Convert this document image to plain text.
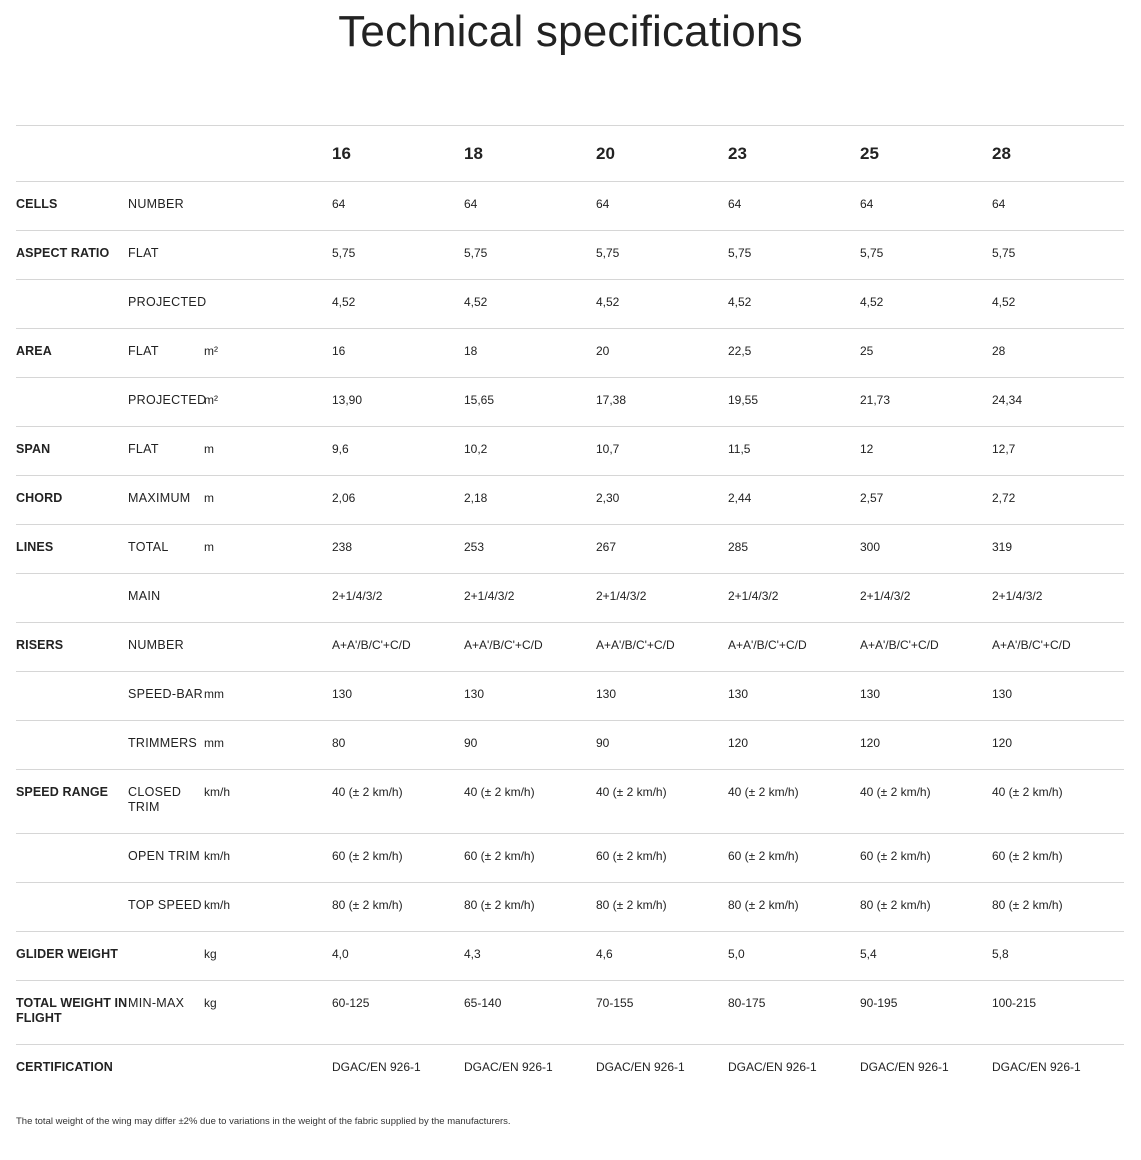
Technical specifications
			16	18	20	23	25	28
CELLS	NUMBER		64	64	64	64	64	64
ASPECT RATIO	FLAT		5,75	5,75	5,75	5,75	5,75	5,75
	PROJECTED		4,52	4,52	4,52	4,52	4,52	4,52
AREA	FLAT	m²	16	18	20	22,5	25	28
	PROJECTED	m²	13,90	15,65	17,38	19,55	21,73	24,34
SPAN	FLAT	m	9,6	10,2	10,7	11,5	12	12,7
CHORD	MAXIMUM	m	2,06	2,18	2,30	2,44	2,57	2,72
LINES	TOTAL	m	238	253	267	285	300	319
	MAIN		2+1/4/3/2	2+1/4/3/2	2+1/4/3/2	2+1/4/3/2	2+1/4/3/2	2+1/4/3/2
RISERS	NUMBER		A+A'/B/C'+C/D	A+A'/B/C'+C/D	A+A'/B/C'+C/D	A+A'/B/C'+C/D	A+A'/B/C'+C/D	A+A'/B/C'+C/D
	SPEED-BAR	mm	130	130	130	130	130	130
	TRIMMERS	mm	80	90	90	120	120	120
SPEED RANGE	CLOSED TRIM	km/h	40 (± 2 km/h)	40 (± 2 km/h)	40 (± 2 km/h)	40 (± 2 km/h)	40 (± 2 km/h)	40 (± 2 km/h)
	OPEN TRIM	km/h	60 (± 2 km/h)	60 (± 2 km/h)	60 (± 2 km/h)	60 (± 2 km/h)	60 (± 2 km/h)	60 (± 2 km/h)
	TOP SPEED	km/h	80 (± 2 km/h)	80 (± 2 km/h)	80 (± 2 km/h)	80 (± 2 km/h)	80 (± 2 km/h)	80 (± 2 km/h)
GLIDER WEIGHT		kg	4,0	4,3	4,6	5,0	5,4	5,8
TOTAL WEIGHT IN FLIGHT	MIN-MAX	kg	60-125	65-140	70-155	80-175	90-195	100-215
CERTIFICATION			DGAC/EN 926-1	DGAC/EN 926-1	DGAC/EN 926-1	DGAC/EN 926-1	DGAC/EN 926-1	DGAC/EN 926-1

The total weight of the wing may differ ±2% due to variations in the weight of the fabric supplied by the manufacturers.
